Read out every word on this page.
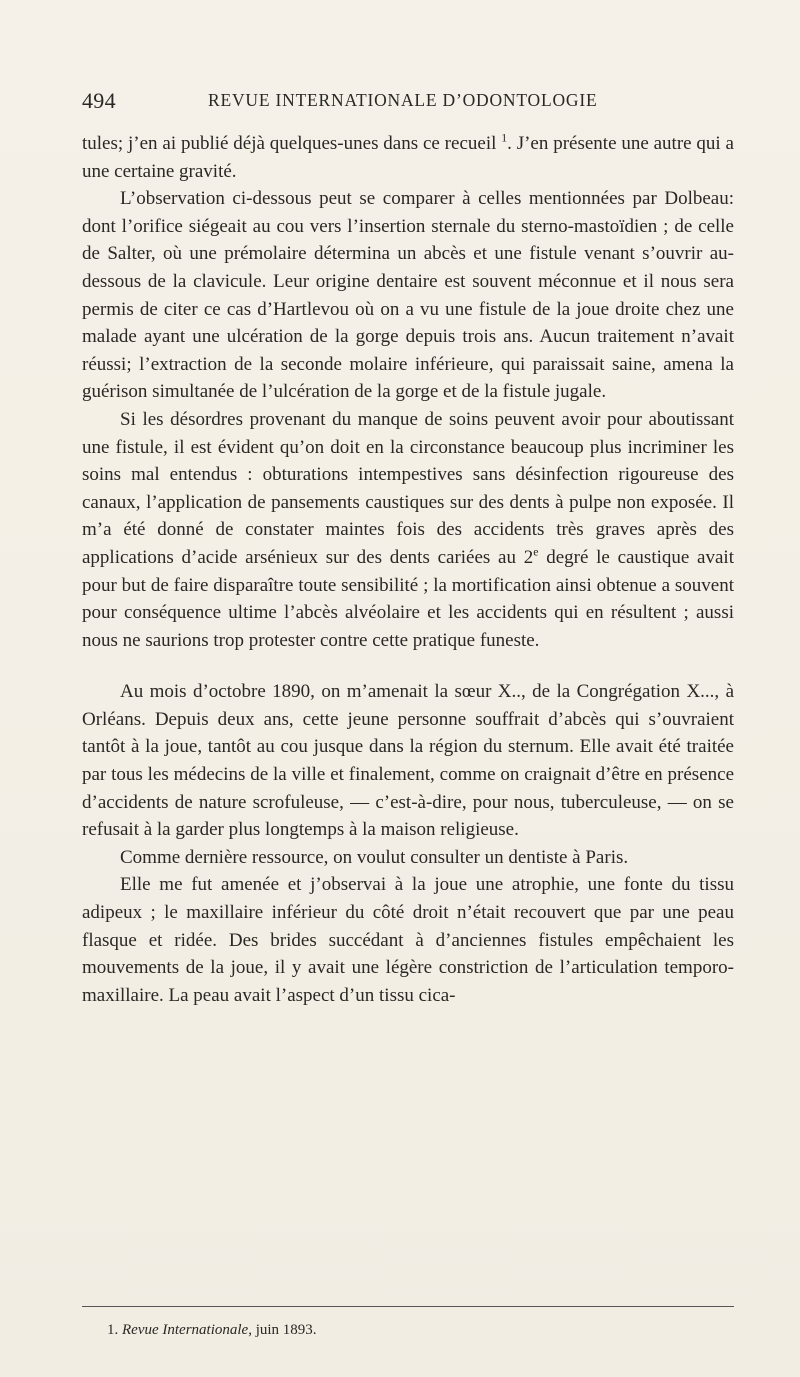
494	REVUE INTERNATIONALE D’ODONTOLOGIE

tules; j’en ai publié déjà quelques-unes dans ce recueil $^1$. J’en présente une autre qui a une certaine gravité.

L’observation ci-dessous peut se comparer à celles mentionnées par Dolbeau: dont l’orifice siégeait au cou vers l’insertion sternale du sterno-mastoïdien ; de celle de Salter, où une prémolaire détermina un abcès et une fistule venant s’ouvrir au-dessous de la clavicule. Leur origine dentaire est souvent méconnue et il nous sera permis de citer ce cas d’Hartlevou où on a vu une fistule de la joue droite chez une malade ayant une ulcération de la gorge depuis trois ans. Aucun traitement n’avait réussi; l’extraction de la seconde molaire inférieure, qui paraissait saine, amena la guérison simultanée de l’ulcération de la gorge et de la fistule jugale.

Si les désordres provenant du manque de soins peuvent avoir pour aboutissant une fistule, il est évident qu’on doit en la circonstance beaucoup plus incriminer les soins mal entendus : obturations intempestives sans désinfection rigoureuse des canaux, l’application de pansements caustiques sur des dents à pulpe non exposée. Il m’a été donné de constater maintes fois des accidents très graves après des applications d’acide arsénieux sur des dents cariées au 2e degré le caustique avait pour but de faire disparaître toute sensibilité ; la mortification ainsi obtenue a souvent pour conséquence ultime l’abcès alvéolaire et les accidents qui en résultent ; aussi nous ne saurions trop protester contre cette pratique funeste.

Au mois d’octobre 1890, on m’amenait la sœur X.., de la Congrégation X..., à Orléans. Depuis deux ans, cette jeune personne souffrait d’abcès qui s’ouvraient tantôt à la joue, tantôt au cou jusque dans la région du sternum. Elle avait été traitée par tous les médecins de la ville et finalement, comme on craignait d’être en présence d’accidents de nature scrofuleuse, — c’est-à-dire, pour nous, tuberculeuse, — on se refusait à la garder plus longtemps à la maison religieuse.

Comme dernière ressource, on voulut consulter un dentiste à Paris.

Elle me fut amenée et j’observai à la joue une atrophie, une fonte du tissu adipeux ; le maxillaire inférieur du côté droit n’était recouvert que par une peau flasque et ridée. Des brides succédant à d’anciennes fistules empêchaient les mouvements de la joue, il y avait une légère constriction de l’articulation temporo-maxillaire. La peau avait l’aspect d’un tissu cica-

1. Revue Internationale, juin 1893.
